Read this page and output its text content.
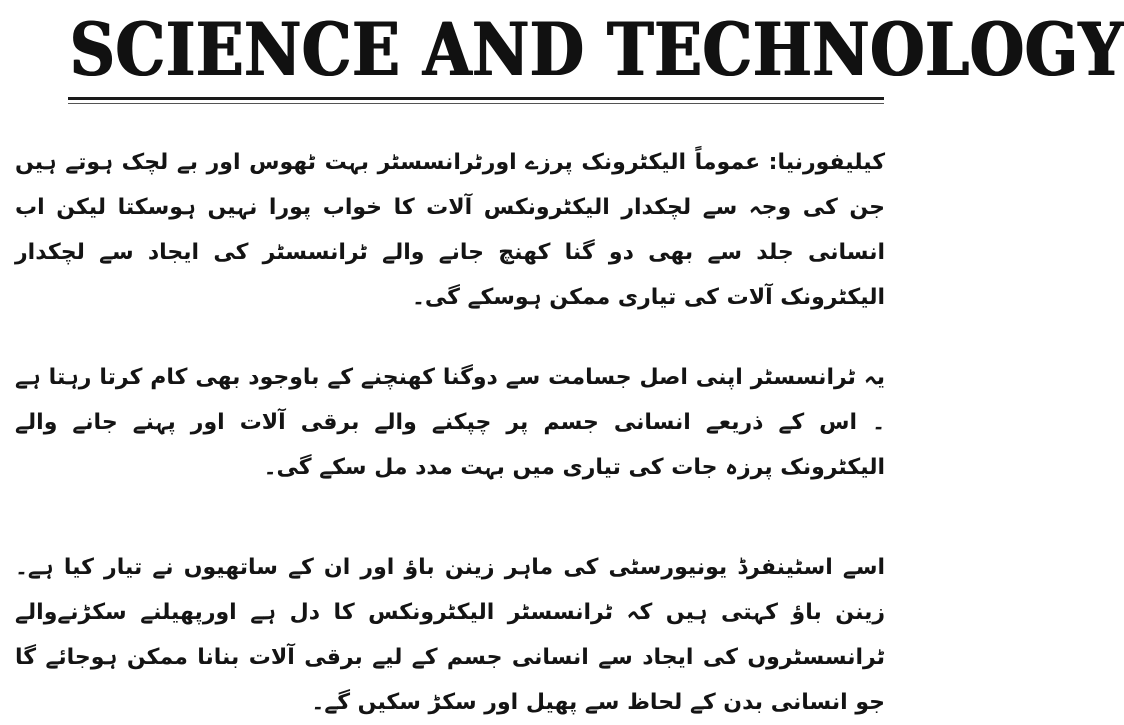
SCIENCE AND TECHNOLOGY

کیلیفورنیا: عموماً الیکٹرونک پرزے اورٹرانسسٹر بہت ٹھوس اور بے لچک ہوتے ہیں جن کی وجہ سے لچکدار الیکٹرونکس آلات کا خواب پورا نہیں ہوسکتا لیکن اب انسانی جلد سے بھی دو گنا کھنچ جانے والے ٹرانسسٹر کی ایجاد سے لچکدار الیکٹرونک آلات کی تیاری ممکن ہوسکے گی۔

یہ ٹرانسسٹر اپنی اصل جسامت سے دوگنا کھنچنے کے باوجود بھی کام کرتا رہتا ہے ۔ اس کے ذریعے انسانی جسم پر چپکنے والے برقی آلات اور پہنے جانے والے الیکٹرونک پرزہ جات کی تیاری میں بہت مدد مل سکے گی۔

اسے اسٹینفرڈ یونیورسٹی کی ماہر زینن باؤ اور ان کے ساتھیوں نے تیار کیا ہے۔ زینن باؤ کہتی ہیں کہ ٹرانسسٹر الیکٹرونکس کا دل ہے اورپھیلنے سکڑنےوالے ٹرانسسٹروں کی ایجاد سے انسانی جسم کے لیے برقی آلات بنانا ممکن ہوجائے گا جو انسانی بدن کے لحاظ سے پھیل اور سکڑ سکیں گے۔
